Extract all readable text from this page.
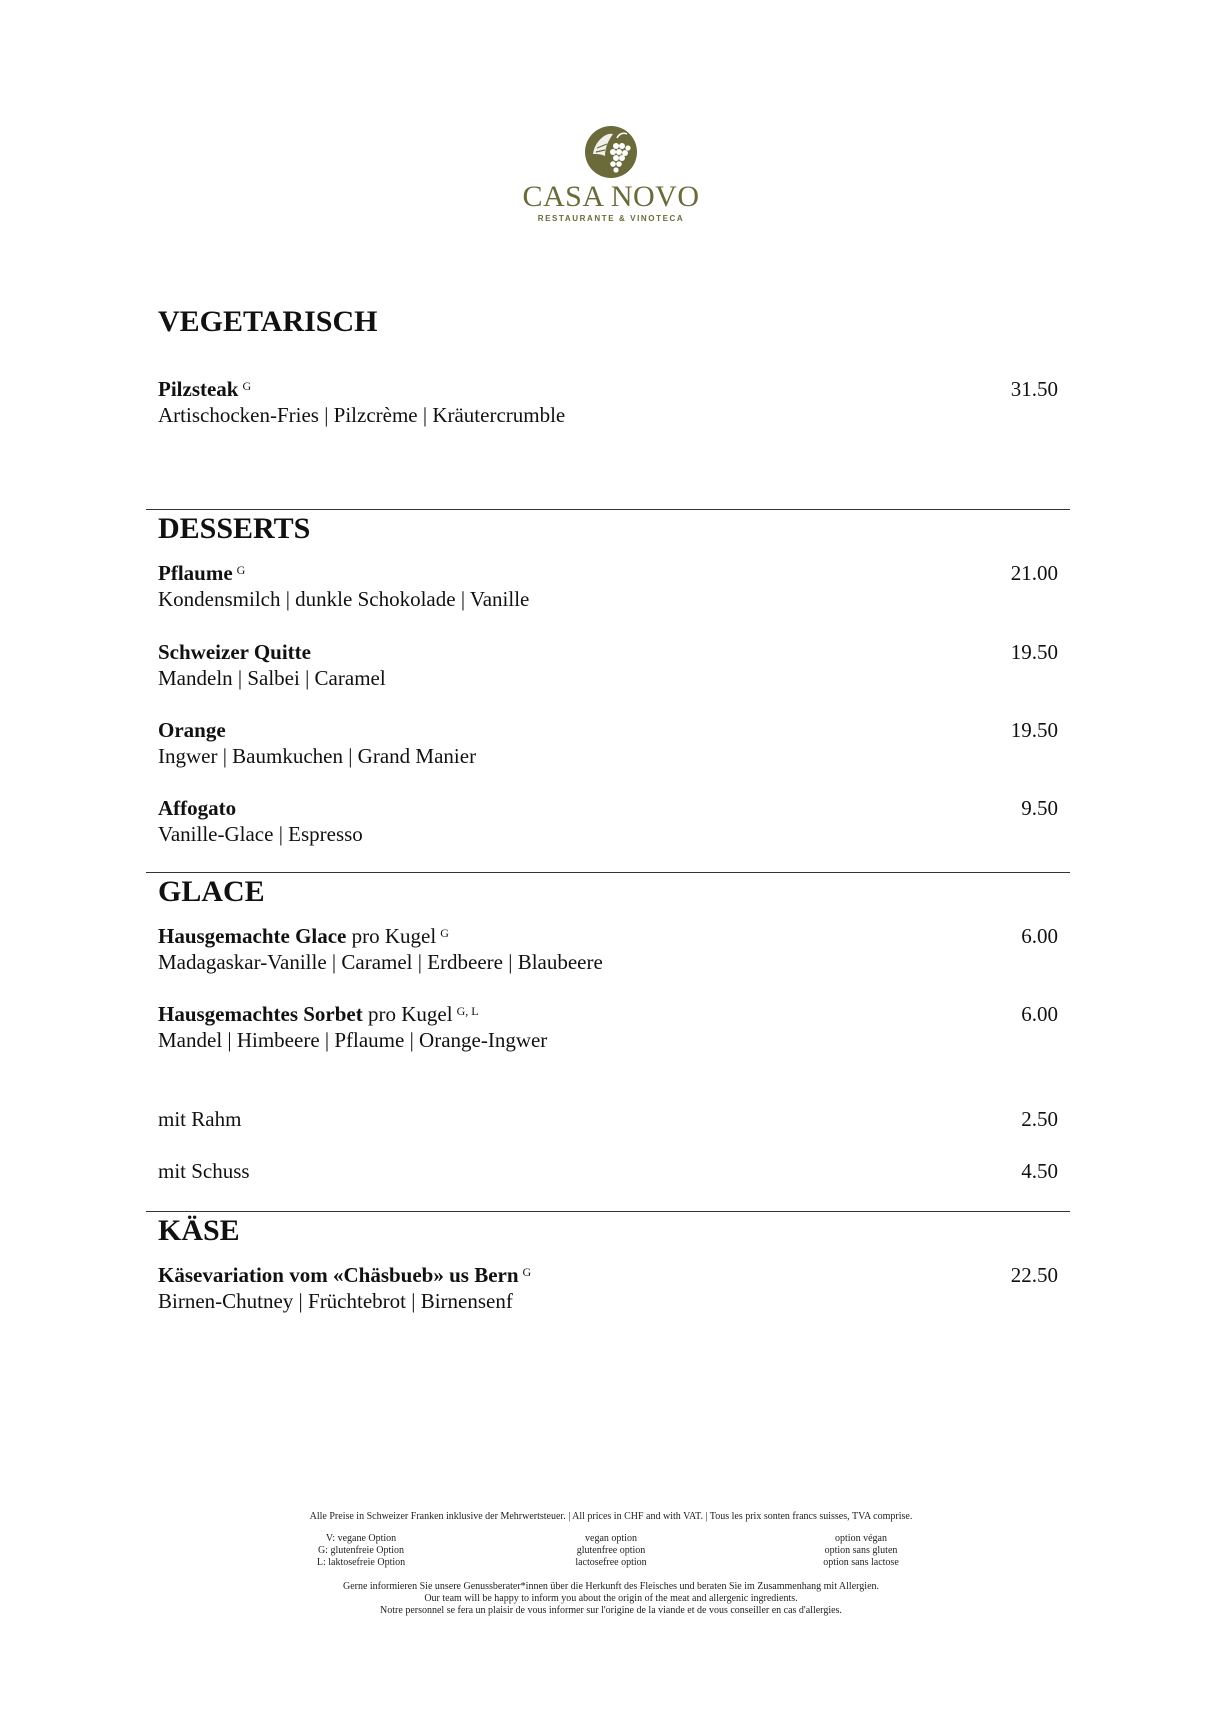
CASA NOVO
RESTAURANTE & VINOTECA
VEGETARISCH
Pilzsteak $^G$
Artischocken-Fries | Pilzcrème | Kräutercrumble
31.50
DESSERTS
Pflaume $^G$
Kondensmilch | dunkle Schokolade | Vanille
21.00
Schweizer Quitte
Mandeln | Salbei | Caramel
19.50
Orange
Ingwer | Baumkuchen | Grand Manier
19.50
Affogato
Vanille-Glace | Espresso
9.50
GLACE
Hausgemachte Glace pro Kugel $^G$
Madagaskar-Vanille | Caramel | Erdbeere | Blaubeere
6.00
Hausgemachtes Sorbet pro Kugel $^{G, L}$
Mandel | Himbeere | Pflaume | Orange-Ingwer
6.00
mit Rahm	2.50
mit Schuss	4.50
KÄSE
Käsevariation vom «Chäsbueb» us Bern $^G$
Birnen-Chutney | Früchtebrot | Birnensenf
22.50
Alle Preise in Schweizer Franken inklusive der Mehrwertsteuer. | All prices in CHF and with VAT. | Tous les prix sonten francs suisses, TVA comprise.
V: vegane Option
G: glutenfreie Option
L: laktosefreie Option
vegan option
glutenfree option
lactosefree option
option végan
option sans gluten
option sans lactose
Gerne informieren Sie unsere Genussberater*innen über die Herkunft des Fleisches und beraten Sie im Zusammenhang mit Allergien.
Our team will be happy to inform you about the origin of the meat and allergenic ingredients.
Notre personnel se fera un plaisir de vous informer sur l'origine de la viande et de vous conseiller en cas d'allergies.
